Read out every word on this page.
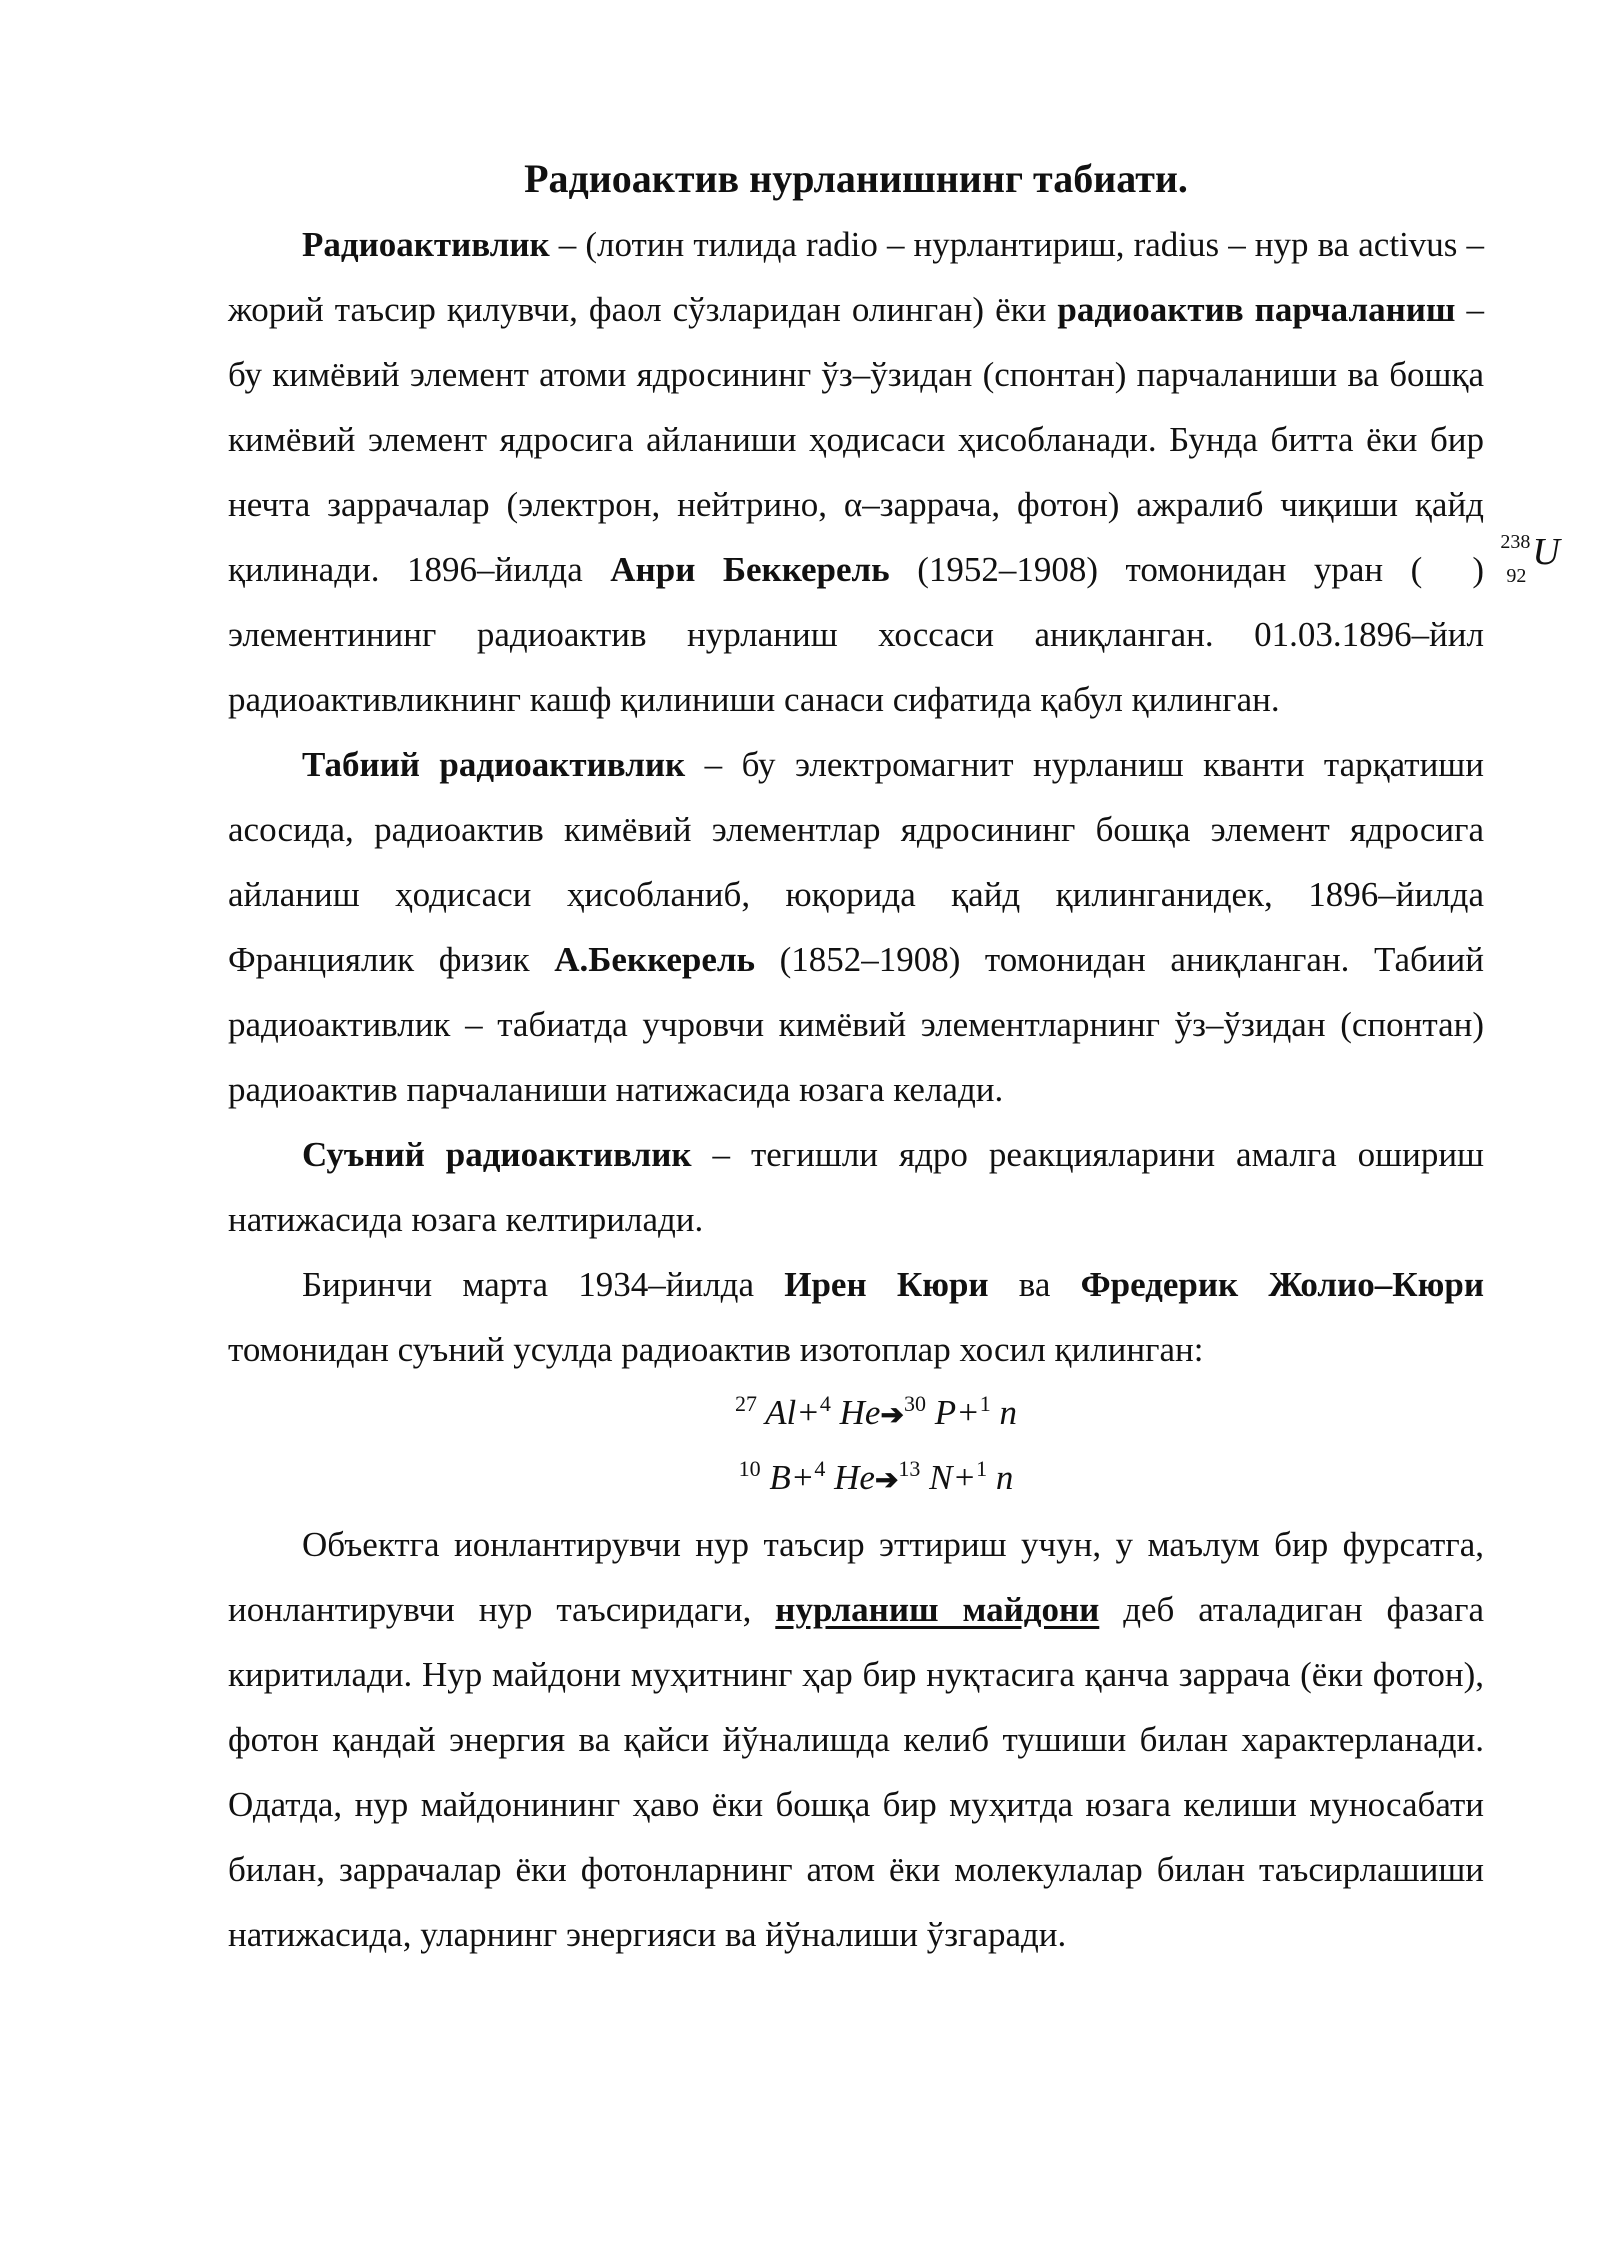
Радиоактив нурланишнинг табиати.

Радиоактивлик – (лотин тилида radio – нурлантириш, radius – нур ва activus – жорий таъсир қилувчи, фаол сўзларидан олинган) ёки радиоактив парчаланиш – бу кимёвий элемент атоми ядросининг ўз–ўзидан (спонтан) парчаланиши ва бошқа кимёвий элемент ядросига айланиши ҳодисаси ҳисобланади. Бунда битта ёки бир нечта заррачалар (электрон, нейтрино, α–заррача, фотон) ажралиб чиқиши қайд қилинади. 1896–йилда Анри Беккерель (1952–1908) томонидан уран (
238
92
U
) элементининг радиоактив нурланиш хоссаси аниқланган. 01.03.1896–йил радиоактивликнинг кашф қилиниши санаси сифатида қабул қилинган.

Табиий радиоактивлик – бу электромагнит нурланиш кванти тарқатиши асосида, радиоактив кимёвий элементлар ядросининг бошқа элемент ядросига айланиш ҳодисаси ҳисобланиб, юқорида қайд қилинганидек, 1896–йилда Франциялик физик А.Беккерель (1852–1908) томонидан аниқланган. Табиий радиоактивлик – табиатда учровчи кимёвий элементларнинг ўз–ўзидан (спонтан) радиоактив парчаланиши натижасида юзага келади.

Суъний радиоактивлик – тегишли ядро реакцияларини амалга ошириш натижасида юзага келтирилади.

Биринчи марта 1934–йилда Ирен Кюри ва Фредерик Жолио–Кюри томонидан суъний усулда радиоактив изотоплар хосил қилинган:

$^{27}$ Al+$^4$ He➔$^{30}$ P+$^1$ n
$^{10}$ B+$^4$ He➔$^{13}$ N+$^1$ n

Объектга ионлантирувчи нур таъсир эттириш учун, у маълум бир фурсатга, ионлантирувчи нур таъсиридаги, нурланиш майдони деб аталадиган фазага киритилади. Нур майдони муҳитнинг ҳар бир нуқтасига қанча заррача (ёки фотон), фотон қандай энергия ва қайси йўналишда келиб тушиши билан характерланади. Одатда, нур майдонининг ҳаво ёки бошқа бир муҳитда юзага келиши муносабати билан, заррачалар ёки фотонларнинг атом ёки молекулалар билан таъсирлашиши натижасида, уларнинг энергияси ва йўналиши ўзгаради.
